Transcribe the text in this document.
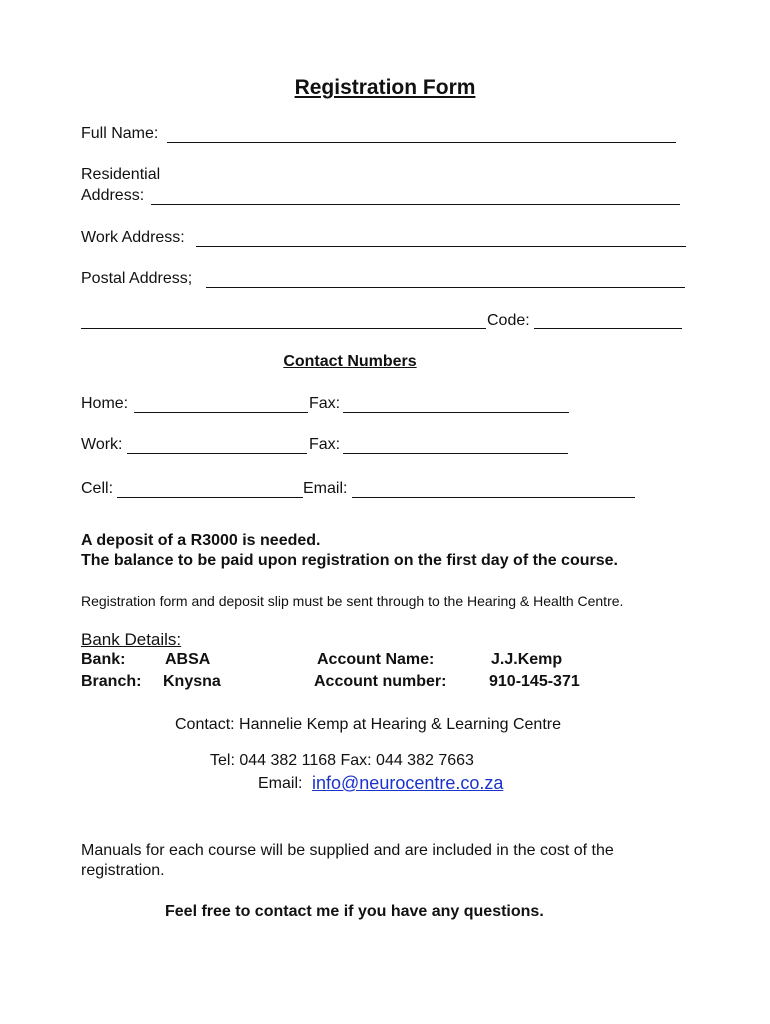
Registration Form
Full Name:
Residential
Address:
Work Address:
Postal Address;
Code:
Contact Numbers
Home:	Fax:
Work:	Fax:
Cell:	Email:
A deposit of a R3000 is needed.
The balance to be paid upon registration on the first day of the course.
Registration form and deposit slip must be sent through to the Hearing & Health Centre.
Bank Details:
Bank: ABSA	Account Name:	J.J.Kemp
Branch: Knysna	Account number:	910-145-371
Contact: Hannelie Kemp at Hearing & Learning Centre
Tel: 044 382 1168 Fax: 044 382 7663
Email: info@neurocentre.co.za
Manuals for each course will be supplied and are included in the cost of the
registration.
Feel free to contact me if you have any questions.
